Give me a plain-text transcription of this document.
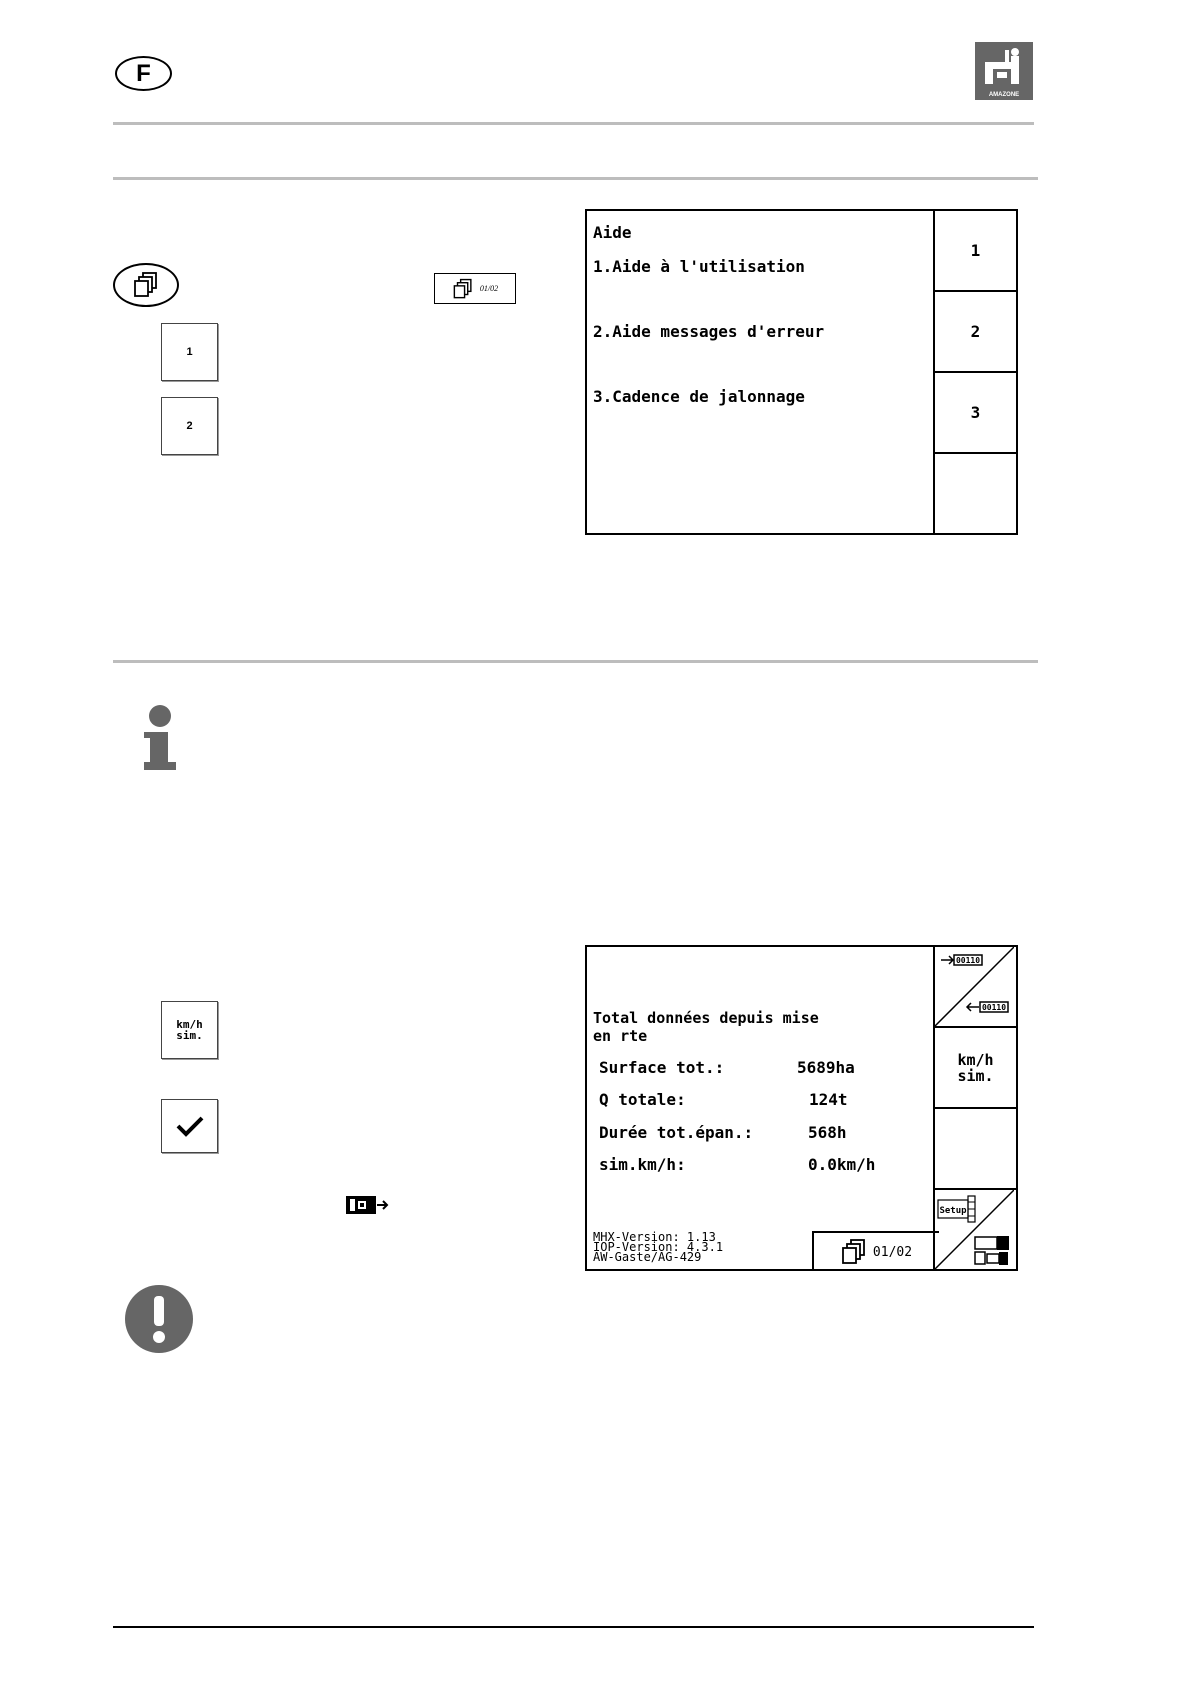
F
AMAZONE
01/02
1
2
Aide
1.Aide à l'utilisation
2.Aide messages d'erreur
3.Cadence de jalonnage
1
2
3
km/h
sim.
Total données depuis mise
en rte
Surface tot.:	5689ha
Q totale:	124t
Durée tot.épan.:	568h
sim.km/h:	0.0km/h
MHX-Version: 1.13
IOP-Version: 4.3.1
AW-Gaste/AG-429	01/02
00110
00110
km/h
sim.
Setup
